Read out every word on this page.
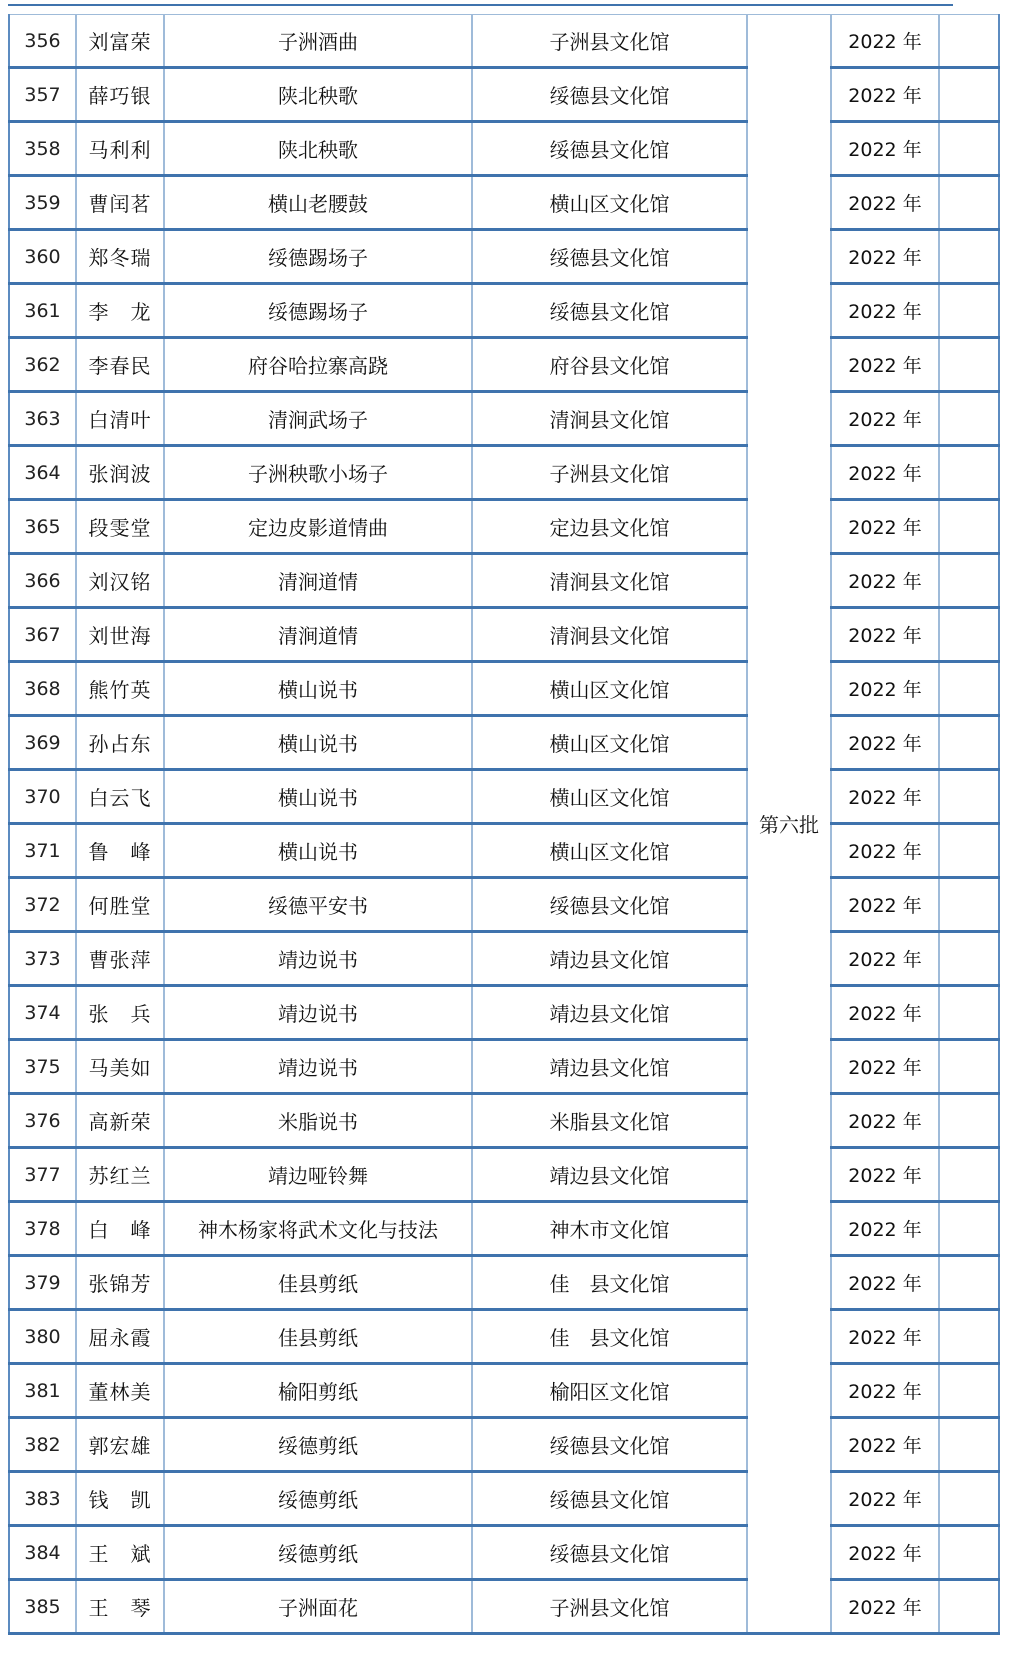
356	刘富荣	子洲酒曲	子洲县文化馆	第六批	2022 年	
357	薛巧银	陕北秧歌	绥德县文化馆		2022 年	
358	马利利	陕北秧歌	绥德县文化馆		2022 年	
359	曹闰茗	横山老腰鼓	横山区文化馆		2022 年	
360	郑冬瑞	绥德踢场子	绥德县文化馆		2022 年	
361	李　龙	绥德踢场子	绥德县文化馆		2022 年	
362	李春民	府谷哈拉寨高跷	府谷县文化馆		2022 年	
363	白清叶	清涧武场子	清涧县文化馆		2022 年	
364	张润波	子洲秧歌小场子	子洲县文化馆		2022 年	
365	段雯堂	定边皮影道情曲	定边县文化馆		2022 年	
366	刘汉铭	清涧道情	清涧县文化馆		2022 年	
367	刘世海	清涧道情	清涧县文化馆		2022 年	
368	熊竹英	横山说书	横山区文化馆		2022 年	
369	孙占东	横山说书	横山区文化馆		2022 年	
370	白云飞	横山说书	横山区文化馆		2022 年	
371	鲁　峰	横山说书	横山区文化馆		2022 年	
372	何胜堂	绥德平安书	绥德县文化馆		2022 年	
373	曹张萍	靖边说书	靖边县文化馆		2022 年	
374	张　兵	靖边说书	靖边县文化馆		2022 年	
375	马美如	靖边说书	靖边县文化馆		2022 年	
376	高新荣	米脂说书	米脂县文化馆		2022 年	
377	苏红兰	靖边哑铃舞	靖边县文化馆		2022 年	
378	白　峰	神木杨家将武术文化与技法	神木市文化馆		2022 年	
379	张锦芳	佳县剪纸	佳　县文化馆		2022 年	
380	屈永霞	佳县剪纸	佳　县文化馆		2022 年	
381	董林美	榆阳剪纸	榆阳区文化馆		2022 年	
382	郭宏雄	绥德剪纸	绥德县文化馆		2022 年	
383	钱　凯	绥德剪纸	绥德县文化馆		2022 年	
384	王　斌	绥德剪纸	绥德县文化馆		2022 年	
385	王　琴	子洲面花	子洲县文化馆		2022 年	
